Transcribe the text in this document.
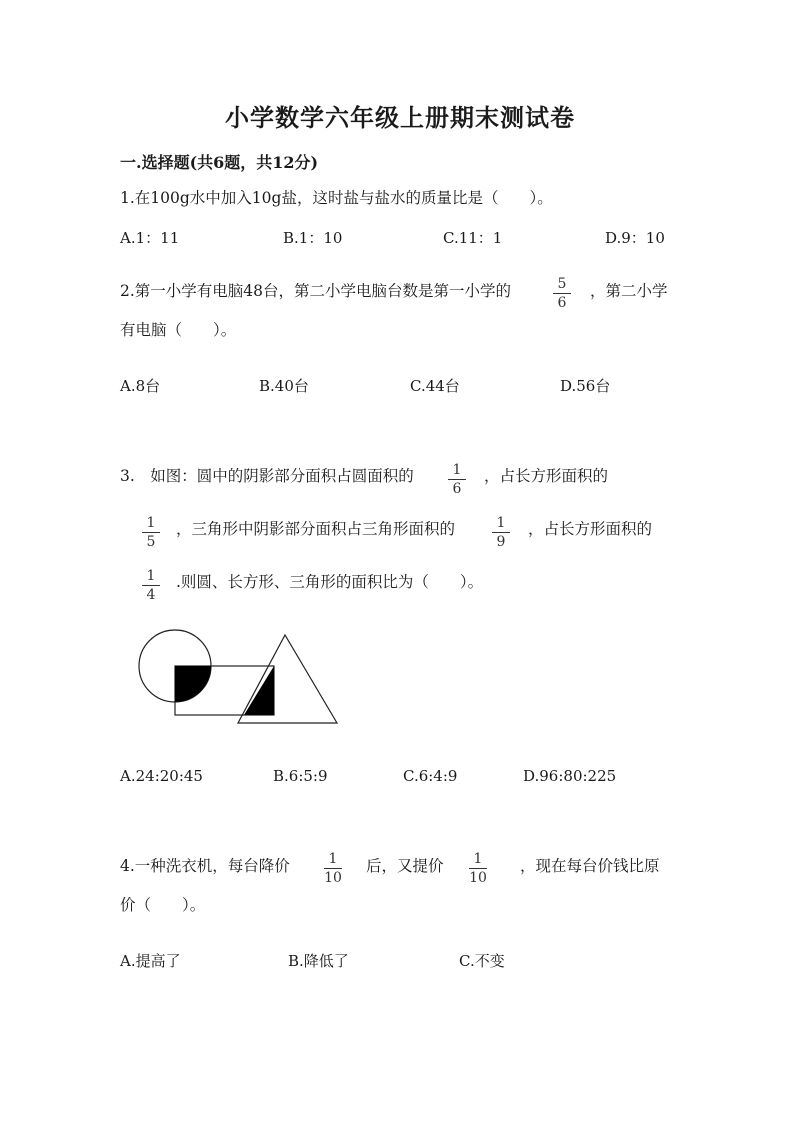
小学数学六年级上册期末测试卷
一.选择题(共6题，共12分)
1.在100g水中加入10g盐，这时盐与盐水的质量比是（　　）。
A.1：11	B.1：10	C.11：1	D.9：10
2.第一小学有电脑48台，第二小学电脑台数是第一小学的	5
6
，第二小学
有电脑（　　）。
A.8台	B.40台	C.44台	D.56台
3.　如图：圆中的阴影部分面积占圆面积的	1
6
，占长方形面积的
1
5
，三角形中阴影部分面积占三角形面积的	1
9
，占长方形面积的
1
4
.则圆、长方形、三角形的面积比为（　　）。
A.24:20:45	B.6:5:9	C.6:4:9	D.96:80:225
4.一种洗衣机，每台降价	1
10
后，又提价	1
10
，现在每台价钱比原
价（　　）。
A.提高了	B.降低了	C.不变
